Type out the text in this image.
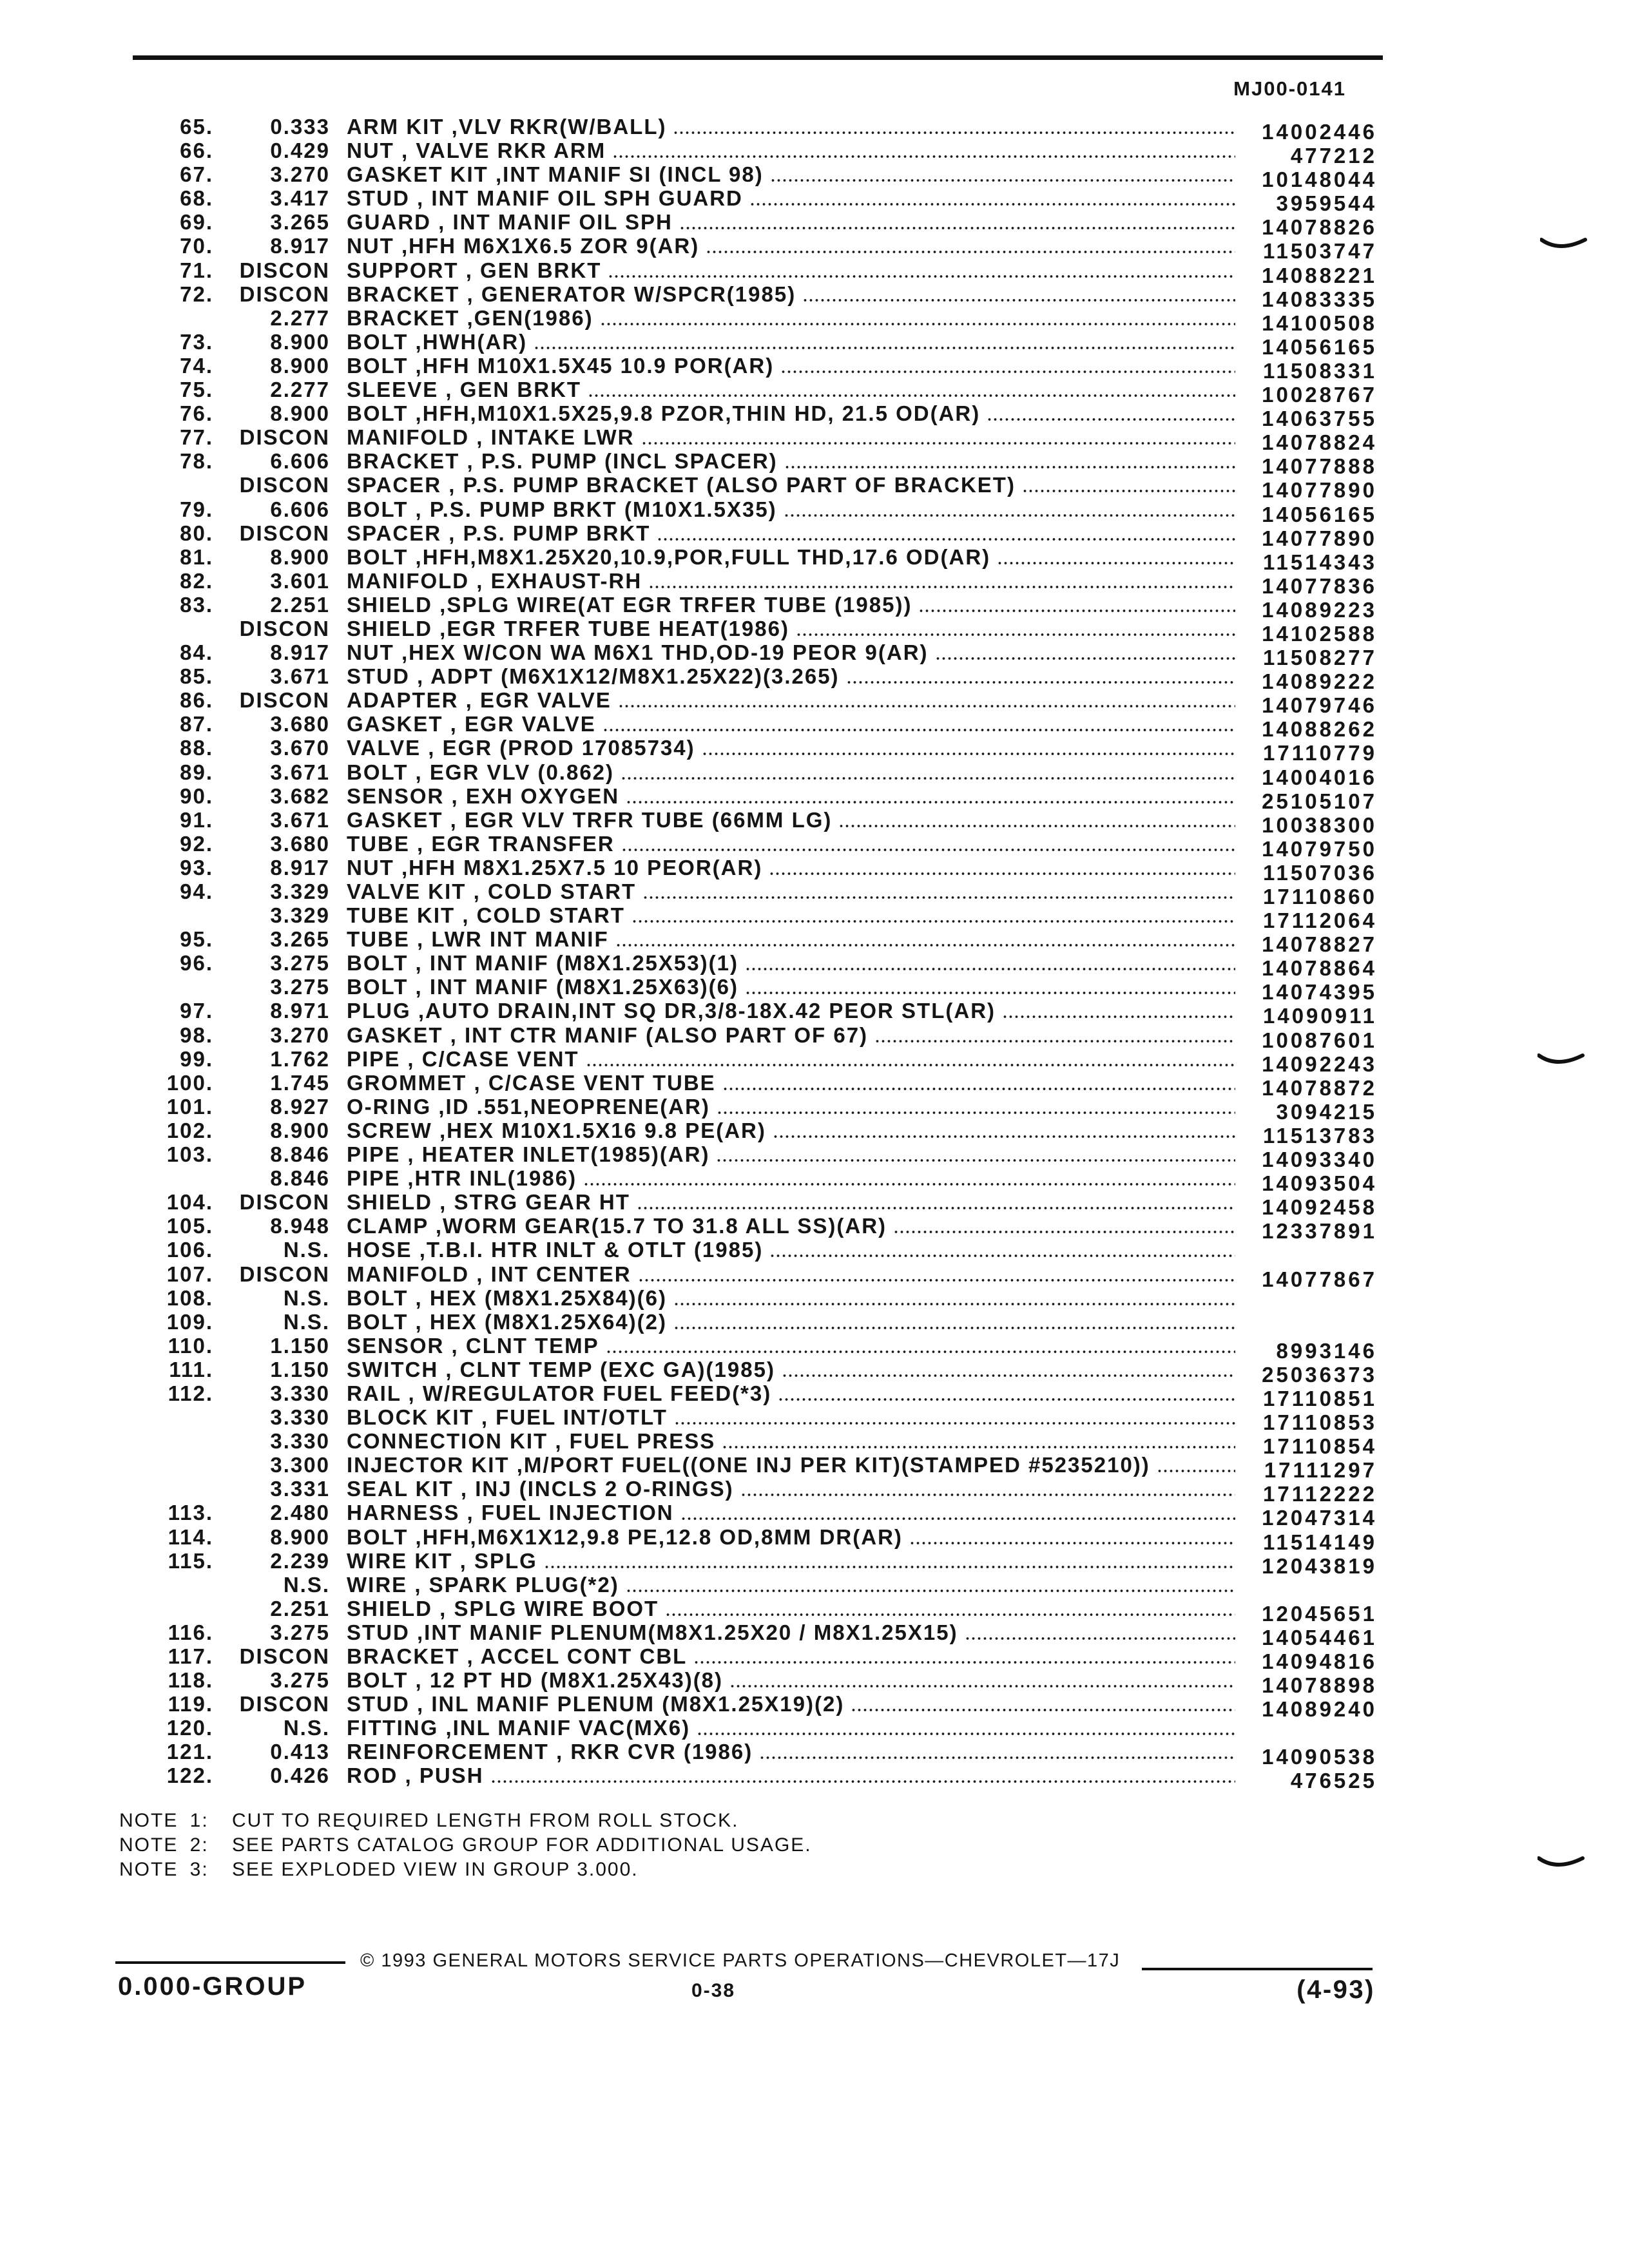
MJ00-0141
65.	0.333 ARM KIT ,VLV RKR(W/BALL)	14002446
66.	0.429 NUT , VALVE RKR ARM	477212
67.	3.270 GASKET KIT ,INT MANIF SI (INCL 98)	10148044
68.	3.417 STUD , INT MANIF OIL SPH GUARD	3959544
69.	3.265 GUARD , INT MANIF OIL SPH	14078826
70.	8.917 NUT ,HFH M6X1X6.5 ZOR 9(AR)	11503747
71.	DISCON SUPPORT , GEN BRKT	14088221
72.	DISCON BRACKET , GENERATOR W/SPCR(1985)	14083335
2.277 BRACKET ,GEN(1986)	14100508
73.	8.900 BOLT ,HWH(AR)	14056165
74.	8.900 BOLT ,HFH M10X1.5X45 10.9 POR(AR)	11508331
75.	2.277 SLEEVE , GEN BRKT	10028767
76.	8.900 BOLT ,HFH,M10X1.5X25,9.8 PZOR,THIN HD, 21.5 OD(AR)	14063755
77.	DISCON MANIFOLD , INTAKE LWR	14078824
78.	6.606 BRACKET , P.S. PUMP (INCL SPACER)	14077888
DISCON SPACER , P.S. PUMP BRACKET (ALSO PART OF BRACKET)	14077890
79.	6.606 BOLT , P.S. PUMP BRKT (M10X1.5X35)	14056165
80.	DISCON SPACER , P.S. PUMP BRKT	14077890
81.	8.900 BOLT ,HFH,M8X1.25X20,10.9,POR,FULL THD,17.6 OD(AR)	11514343
82.	3.601 MANIFOLD , EXHAUST-RH	14077836
83.	2.251 SHIELD ,SPLG WIRE(AT EGR TRFER TUBE (1985))	14089223
DISCON SHIELD ,EGR TRFER TUBE HEAT(1986)	14102588
84.	8.917 NUT ,HEX W/CON WA M6X1 THD,OD-19 PEOR 9(AR)	11508277
85.	3.671 STUD , ADPT (M6X1X12/M8X1.25X22)(3.265)	14089222
86.	DISCON ADAPTER , EGR VALVE	14079746
87.	3.680 GASKET , EGR VALVE	14088262
88.	3.670 VALVE , EGR (PROD 17085734)	17110779
89.	3.671 BOLT , EGR VLV (0.862)	14004016
90.	3.682 SENSOR , EXH OXYGEN	25105107
91.	3.671 GASKET , EGR VLV TRFR TUBE (66MM LG)	10038300
92.	3.680 TUBE , EGR TRANSFER	14079750
93.	8.917 NUT ,HFH M8X1.25X7.5 10 PEOR(AR)	11507036
94.	3.329 VALVE KIT , COLD START	17110860
3.329 TUBE KIT , COLD START	17112064
95.	3.265 TUBE , LWR INT MANIF	14078827
96.	3.275 BOLT , INT MANIF (M8X1.25X53)(1)	14078864
3.275 BOLT , INT MANIF (M8X1.25X63)(6)	14074395
97.	8.971 PLUG ,AUTO DRAIN,INT SQ DR,3/8-18X.42 PEOR STL(AR)	14090911
98.	3.270 GASKET , INT CTR MANIF (ALSO PART OF 67)	10087601
99.	1.762 PIPE , C/CASE VENT	14092243
100.	1.745 GROMMET , C/CASE VENT TUBE	14078872
101.	8.927 O-RING ,ID .551,NEOPRENE(AR)	3094215
102.	8.900 SCREW ,HEX M10X1.5X16 9.8 PE(AR)	11513783
103.	8.846 PIPE , HEATER INLET(1985)(AR)	14093340
8.846 PIPE ,HTR INL(1986)	14093504
104.	DISCON SHIELD , STRG GEAR HT	14092458
105.	8.948 CLAMP ,WORM GEAR(15.7 TO 31.8 ALL SS)(AR)	12337891
106.	N.S. HOSE ,T.B.I. HTR INLT & OTLT (1985)
107.	DISCON MANIFOLD , INT CENTER	14077867
108.	N.S. BOLT , HEX (M8X1.25X84)(6)
109.	N.S. BOLT , HEX (M8X1.25X64)(2)
110.	1.150 SENSOR , CLNT TEMP	8993146
111.	1.150 SWITCH , CLNT TEMP (EXC GA)(1985)	25036373
112.	3.330 RAIL , W/REGULATOR FUEL FEED(*3)	17110851
3.330 BLOCK KIT , FUEL INT/OTLT	17110853
3.330 CONNECTION KIT , FUEL PRESS	17110854
3.300 INJECTOR KIT ,M/PORT FUEL((ONE INJ PER KIT)(STAMPED #5235210))	17111297
3.331 SEAL KIT , INJ (INCLS 2 O-RINGS)	17112222
113.	2.480 HARNESS , FUEL INJECTION	12047314
114.	8.900 BOLT ,HFH,M6X1X12,9.8 PE,12.8 OD,8MM DR(AR)	11514149
115.	2.239 WIRE KIT , SPLG	12043819
N.S. WIRE , SPARK PLUG(*2)
2.251 SHIELD , SPLG WIRE BOOT	12045651
116.	3.275 STUD ,INT MANIF PLENUM(M8X1.25X20 / M8X1.25X15)	14054461
117.	DISCON BRACKET , ACCEL CONT CBL	14094816
118.	3.275 BOLT , 12 PT HD (M8X1.25X43)(8)	14078898
119.	DISCON STUD , INL MANIF PLENUM (M8X1.25X19)(2)	14089240
120.	N.S. FITTING ,INL MANIF VAC(MX6)
121.	0.413 REINFORCEMENT , RKR CVR (1986)	14090538
122.	0.426 ROD , PUSH	476525
NOTE 1: CUT TO REQUIRED LENGTH FROM ROLL STOCK.
NOTE 2: SEE PARTS CATALOG GROUP FOR ADDITIONAL USAGE.
NOTE 3: SEE EXPLODED VIEW IN GROUP 3.000.
© 1993 GENERAL MOTORS SERVICE PARTS OPERATIONS—CHEVROLET—17J
0.000-GROUP	0-38	(4-93)
